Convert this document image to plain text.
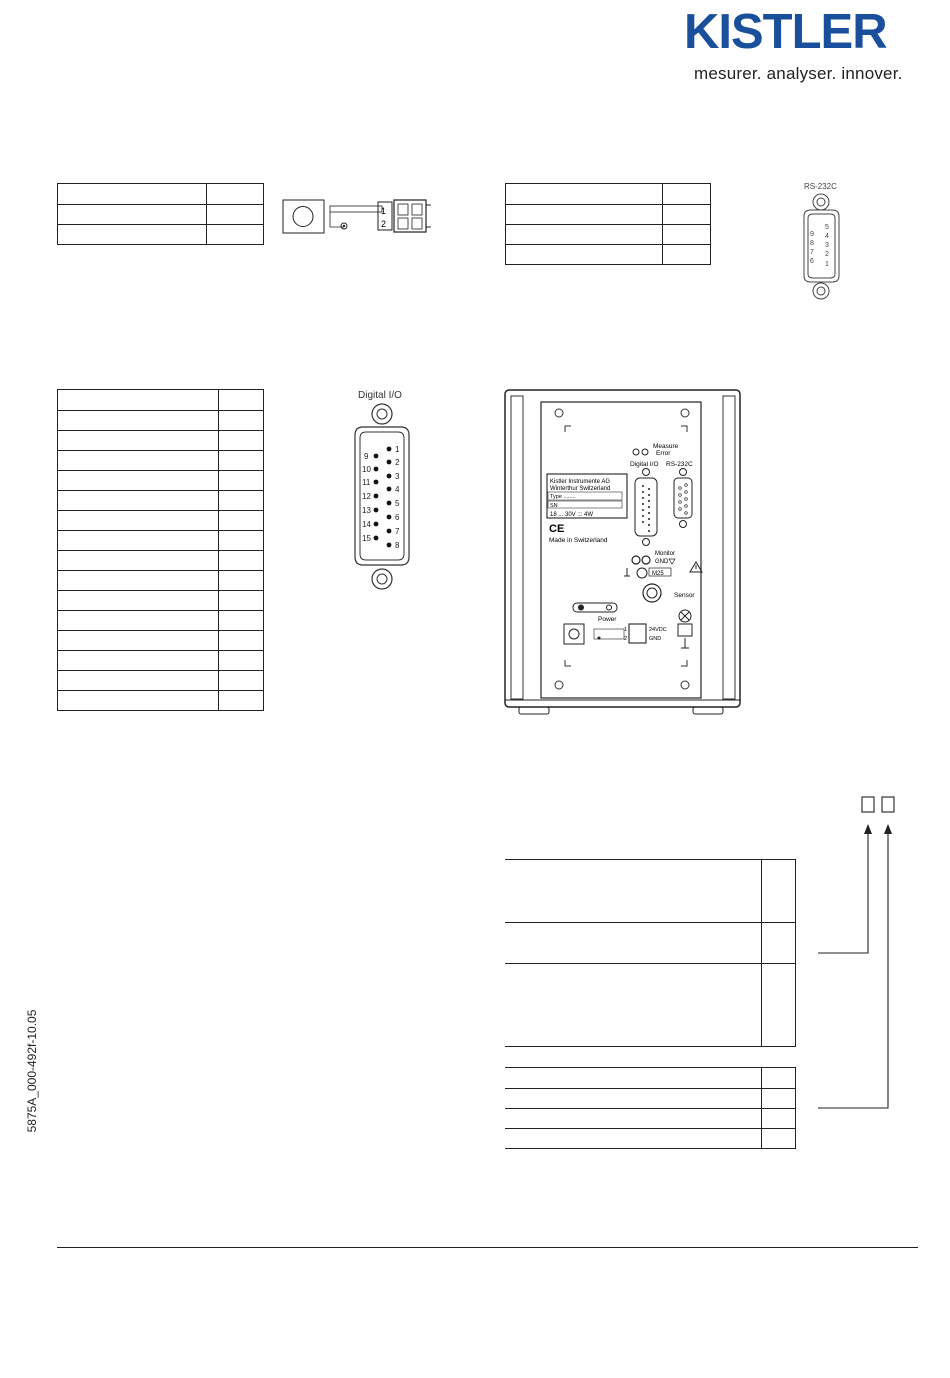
KISTLER
mesurer. analyser. innover.
5875A_000-492f-10.05

1
2

RS-232C
9
8
7
6
5
4
3
2
1

Digital I/O
9
10
11
12
13
14
15
1
2
3
4
5
6
7
8
Measure
Error
Digital I/O RS-232C
Kistler Instrumente AG
Winterthur Switzerland
Type ........
SN
18 ... 30V ::: 4W
CE
Made in Switzerland
Monitor
GND
M25
Sensor
Power
1
2
24VDC
GND
